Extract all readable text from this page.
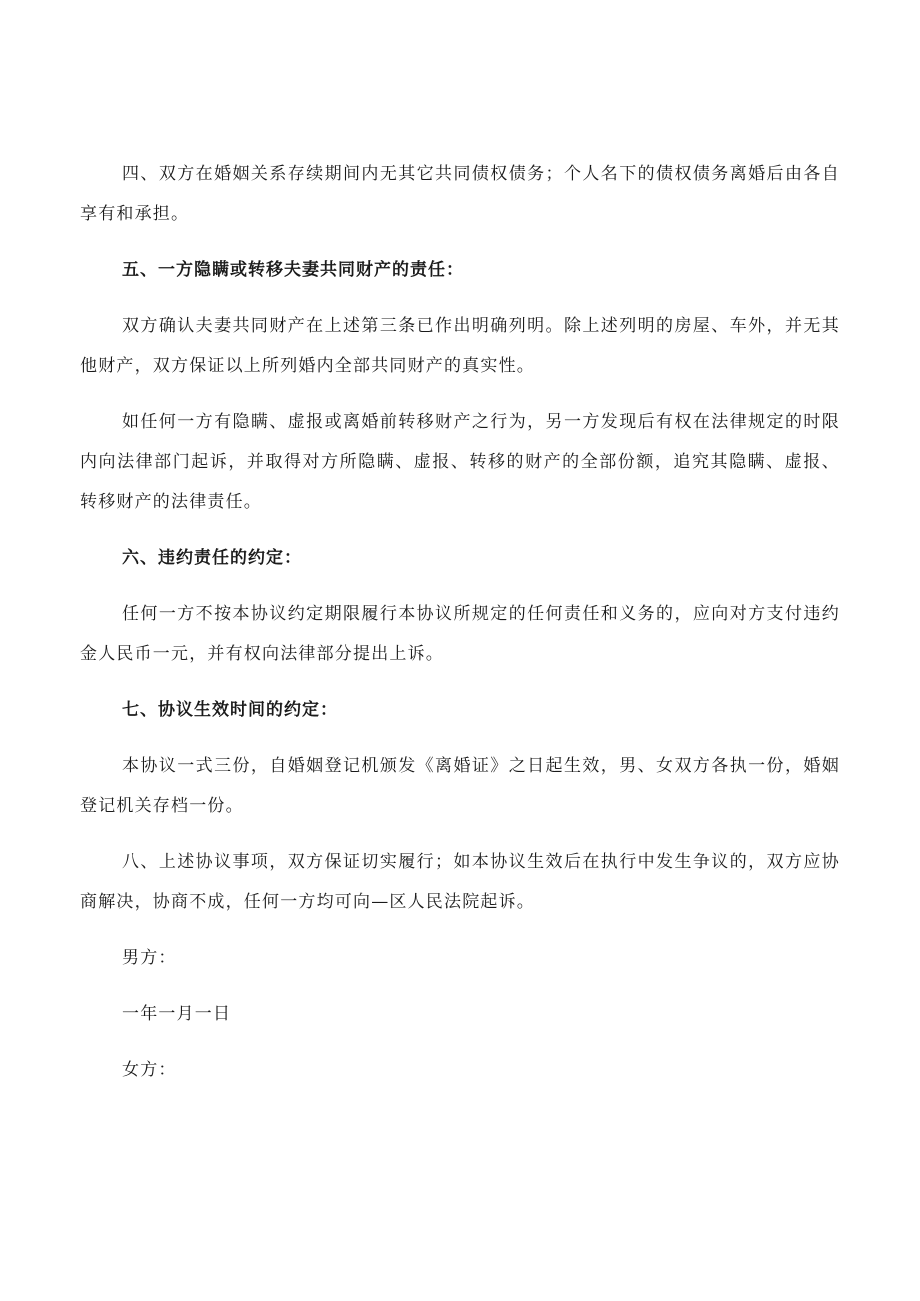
四、双方在婚姻关系存续期间内无其它共同债权债务；个人名下的债权债务离婚后由各自享有和承担。

五、一方隐瞒或转移夫妻共同财产的责任：

双方确认夫妻共同财产在上述第三条已作出明确列明。除上述列明的房屋、车外，并无其他财产，双方保证以上所列婚内全部共同财产的真实性。

如任何一方有隐瞒、虚报或离婚前转移财产之行为，另一方发现后有权在法律规定的时限内向法律部门起诉，并取得对方所隐瞒、虚报、转移的财产的全部份额，追究其隐瞒、虚报、转移财产的法律责任。

六、违约责任的约定：

任何一方不按本协议约定期限履行本协议所规定的任何责任和义务的，应向对方支付违约金人民币一元，并有权向法律部分提出上诉。

七、协议生效时间的约定：

本协议一式三份，自婚姻登记机颁发《离婚证》之日起生效，男、女双方各执一份，婚姻登记机关存档一份。

八、上述协议事项，双方保证切实履行；如本协议生效后在执行中发生争议的，双方应协商解决，协商不成，任何一方均可向—区人民法院起诉。

男方：

一年一月一日

女方：
